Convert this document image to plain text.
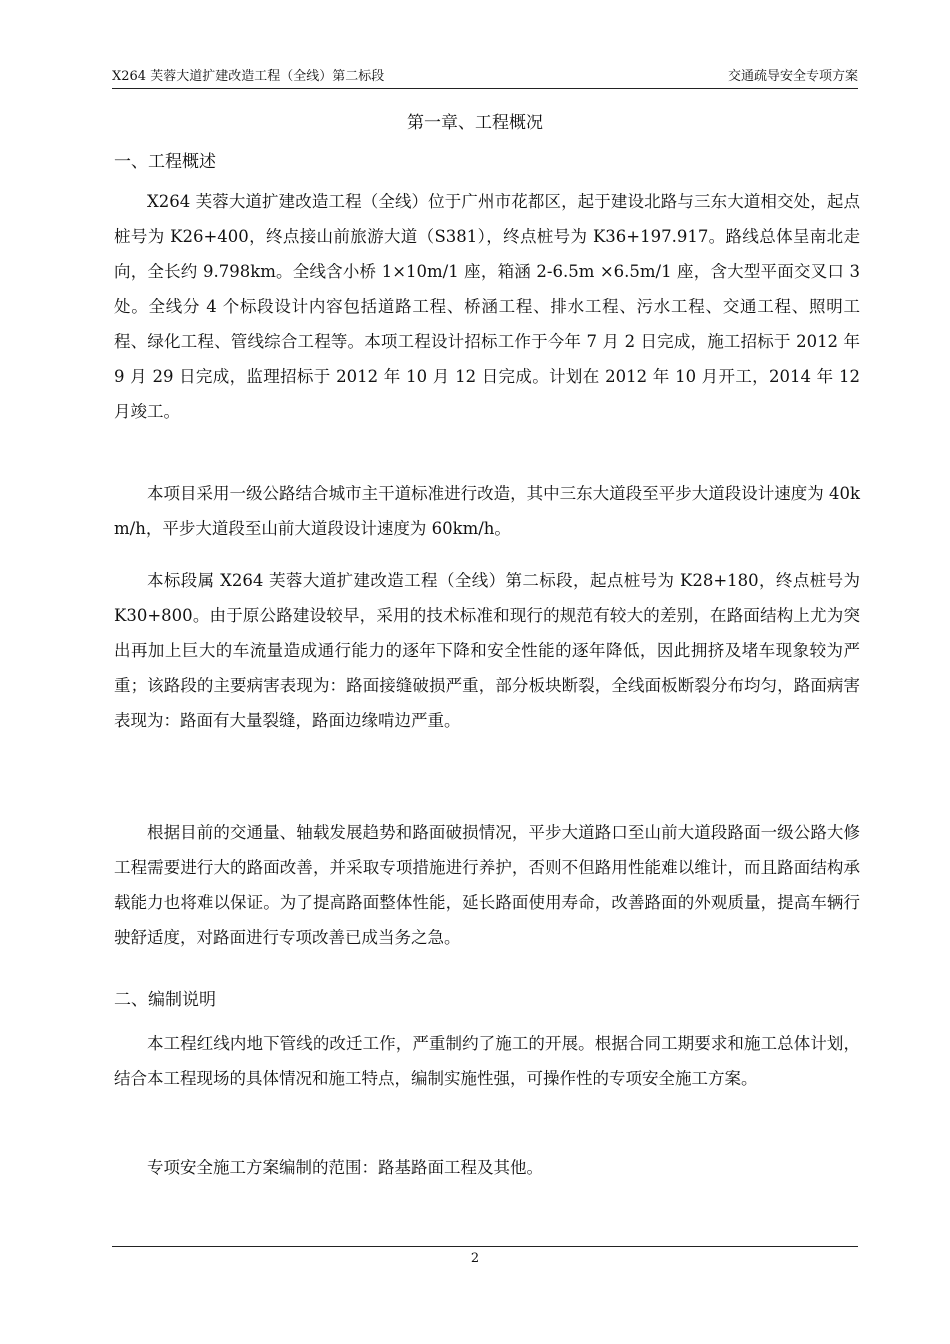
X264 芙蓉大道扩建改造工程（全线）第二标段	交通疏导安全专项方案
第一章、工程概况
一、工程概述
X264 芙蓉大道扩建改造工程（全线）位于广州市花都区，起于建设北路与三东大道相交处，起点桩号为 K26+400，终点接山前旅游大道（S381），终点桩号为 K36+197.917。路线总体呈南北走向，全长约 9.798km。全线含小桥 1×10m/1 座，箱涵 2-6.5m ×6.5m/1 座，含大型平面交叉口 3 处。全线分 4 个标段设计内容包括道路工程、桥涵工程、排水工程、污水工程、交通工程、照明工程、绿化工程、管线综合工程等。本项工程设计招标工作于今年 7 月 2 日完成，施工招标于 2012 年 9 月 29 日完成，监理招标于 2012 年 10 月 12 日完成。计划在 2012 年 10 月开工，2014 年 12 月竣工。
本项目采用一级公路结合城市主干道标准进行改造，其中三东大道段至平步大道段设计速度为 40km/h，平步大道段至山前大道段设计速度为 60km/h。
本标段属 X264 芙蓉大道扩建改造工程（全线）第二标段，起点桩号为 K28+180，终点桩号为 K30+800。由于原公路建设较早，采用的技术标准和现行的规范有较大的差别，在路面结构上尤为突出再加上巨大的车流量造成通行能力的逐年下降和安全性能的逐年降低，因此拥挤及堵车现象较为严重；该路段的主要病害表现为：路面接缝破损严重，部分板块断裂，全线面板断裂分布均匀，路面病害表现为：路面有大量裂缝，路面边缘啃边严重。
根据目前的交通量、轴载发展趋势和路面破损情况，平步大道路口至山前大道段路面一级公路大修工程需要进行大的路面改善，并采取专项措施进行养护，否则不但路用性能难以维计，而且路面结构承载能力也将难以保证。为了提高路面整体性能，延长路面使用寿命，改善路面的外观质量，提高车辆行驶舒适度，对路面进行专项改善已成当务之急。
二、编制说明
本工程红线内地下管线的改迁工作，严重制约了施工的开展。根据合同工期要求和施工总体计划，结合本工程现场的具体情况和施工特点，编制实施性强，可操作性的专项安全施工方案。
专项安全施工方案编制的范围：路基路面工程及其他。
2
